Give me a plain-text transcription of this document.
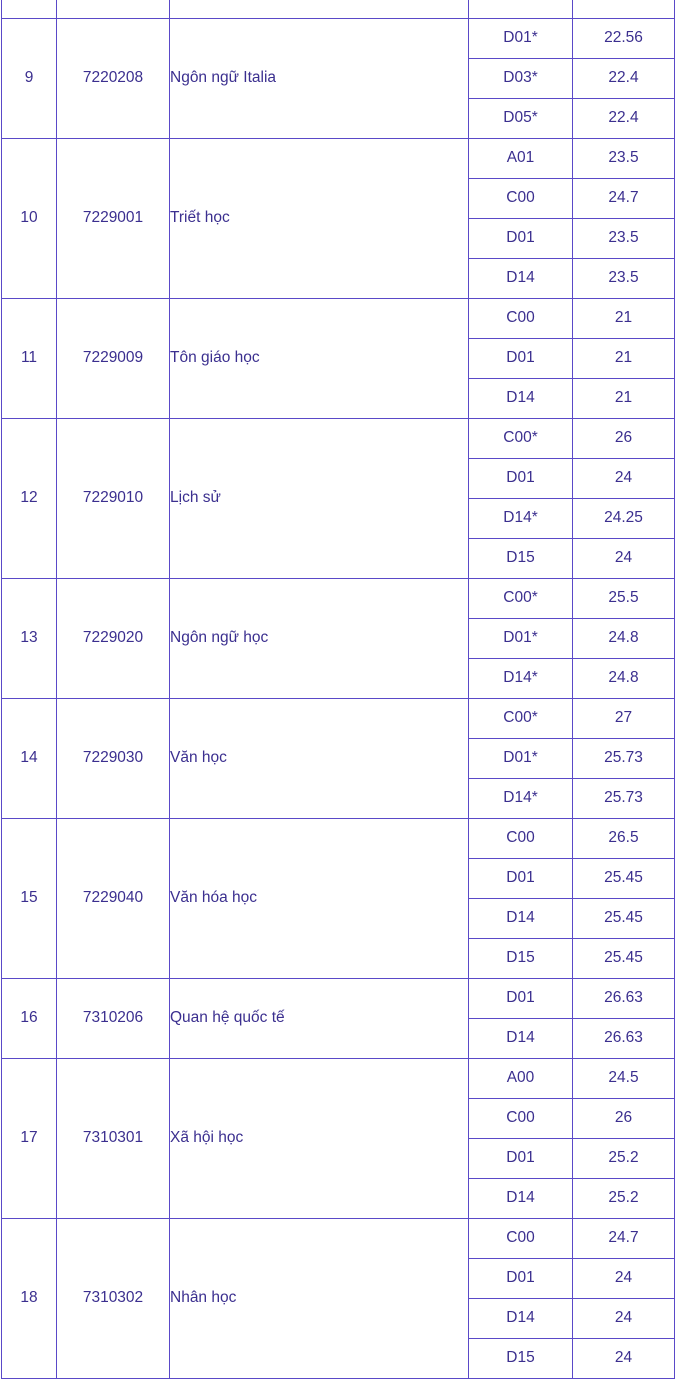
9	7220208	Ngôn ngữ Italia	D01*	22.56
			D03*	22.4
			D05*	22.4
10	7229001	Triết học	A01	23.5
			C00	24.7
			D01	23.5
			D14	23.5
11	7229009	Tôn giáo học	C00	21
			D01	21
			D14	21
12	7229010	Lịch sử	C00*	26
			D01	24
			D14*	24.25
			D15	24
13	7229020	Ngôn ngữ học	C00*	25.5
			D01*	24.8
			D14*	24.8
14	7229030	Văn học	C00*	27
			D01*	25.73
			D14*	25.73
15	7229040	Văn hóa học	C00	26.5
			D01	25.45
			D14	25.45
			D15	25.45
16	7310206	Quan hệ quốc tế	D01	26.63
			D14	26.63
17	7310301	Xã hội học	A00	24.5
			C00	26
			D01	25.2
			D14	25.2
18	7310302	Nhân học	C00	24.7
			D01	24
			D14	24
			D15	24
